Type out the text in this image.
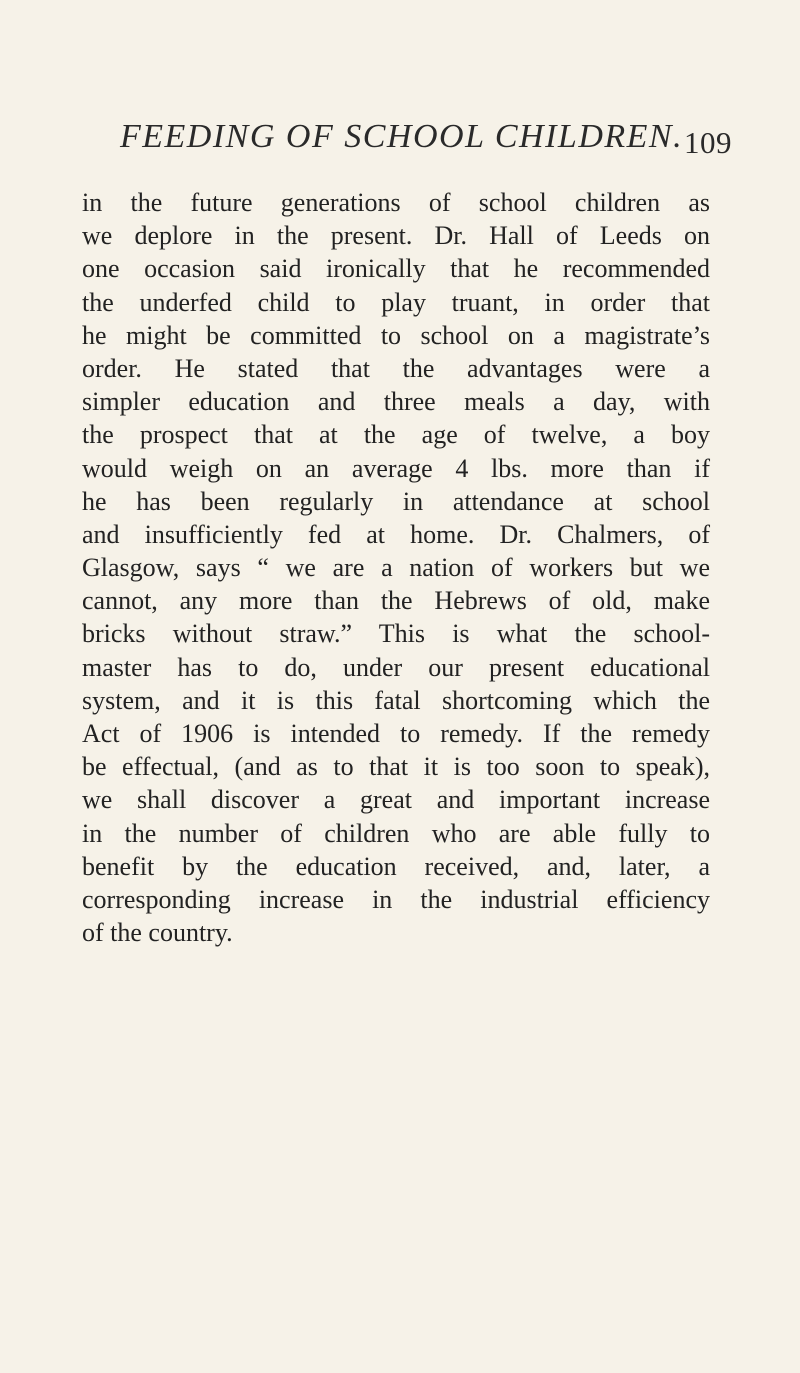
FEEDING OF SCHOOL CHILDREN. 109
in the future generations of school children as
we deplore in the present. Dr. Hall of Leeds on
one occasion said ironically that he recommended
the underfed child to play truant, in order that
he might be committed to school on a magistrate’s
order. He stated that the advantages were a
simpler education and three meals a day, with
the prospect that at the age of twelve, a boy
would weigh on an average 4 lbs. more than if
he has been regularly in attendance at school
and insufficiently fed at home. Dr. Chalmers, of
Glasgow, says “ we are a nation of workers but we
cannot, any more than the Hebrews of old, make
bricks without straw.” This is what the school-
master has to do, under our present educational
system, and it is this fatal shortcoming which the
Act of 1906 is intended to remedy. If the remedy
be effectual, (and as to that it is too soon to speak),
we shall discover a great and important increase
in the number of children who are able fully to
benefit by the education received, and, later, a
corresponding increase in the industrial efficiency
of the country.
